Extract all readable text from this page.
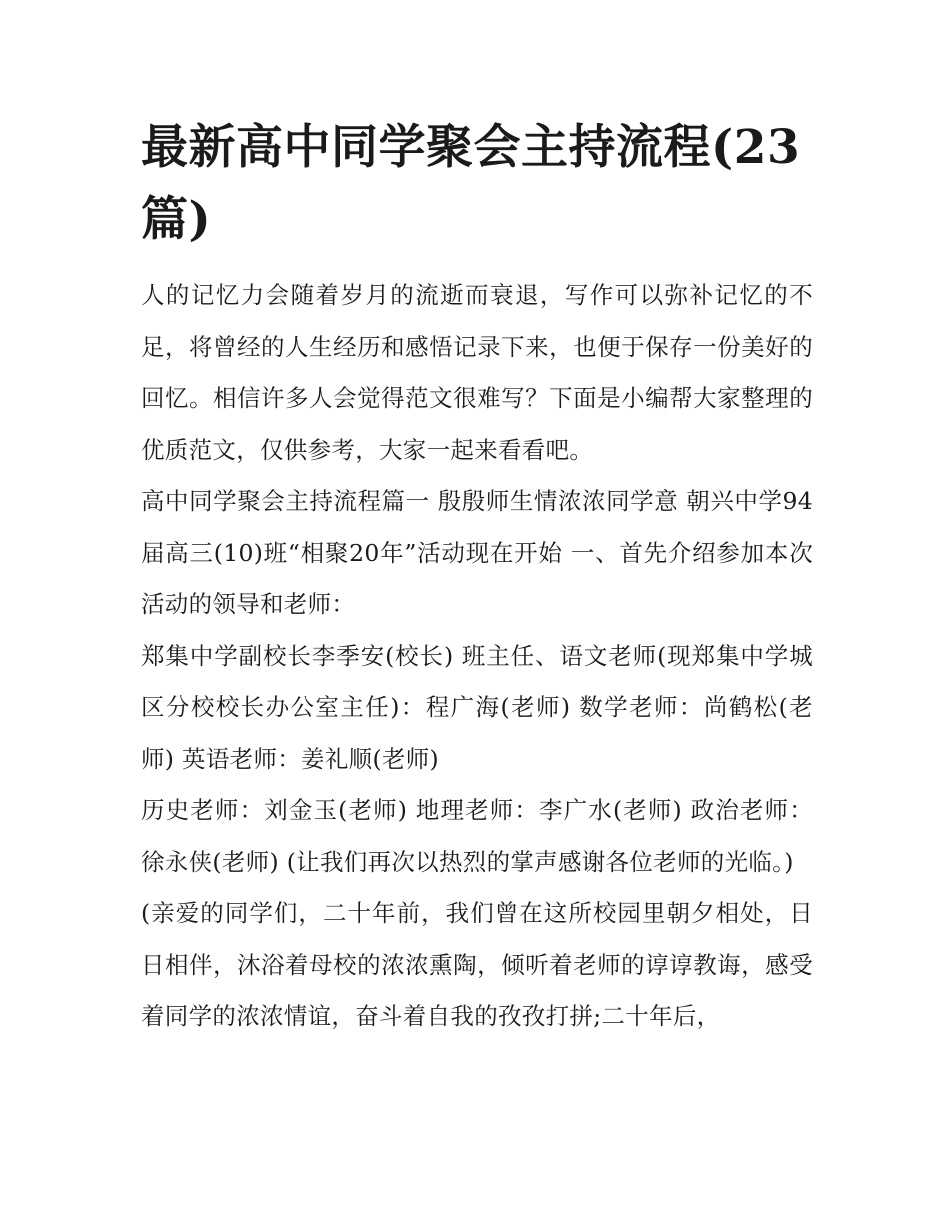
最新高中同学聚会主持流程(23篇)

人的记忆力会随着岁月的流逝而衰退，写作可以弥补记忆的不足，将曾经的人生经历和感悟记录下来，也便于保存一份美好的回忆。相信许多人会觉得范文很难写？下面是小编帮大家整理的优质范文，仅供参考，大家一起来看看吧。

高中同学聚会主持流程篇一 殷殷师生情浓浓同学意 朝兴中学94届高三(10)班“相聚20年”活动现在开始 一、首先介绍参加本次活动的领导和老师：

郑集中学副校长李季安(校长) 班主任、语文老师(现郑集中学城区分校校长办公室主任)：程广海(老师) 数学老师：尚鹤松(老师) 英语老师：姜礼顺(老师)

历史老师：刘金玉(老师) 地理老师：李广水(老师) 政治老师：徐永侠(老师) (让我们再次以热烈的掌声感谢各位老师的光临。)

(亲爱的同学们，二十年前，我们曾在这所校园里朝夕相处，日日相伴，沐浴着母校的浓浓熏陶，倾听着老师的谆谆教诲，感受着同学的浓浓情谊，奋斗着自我的孜孜打拼;二十年后，
